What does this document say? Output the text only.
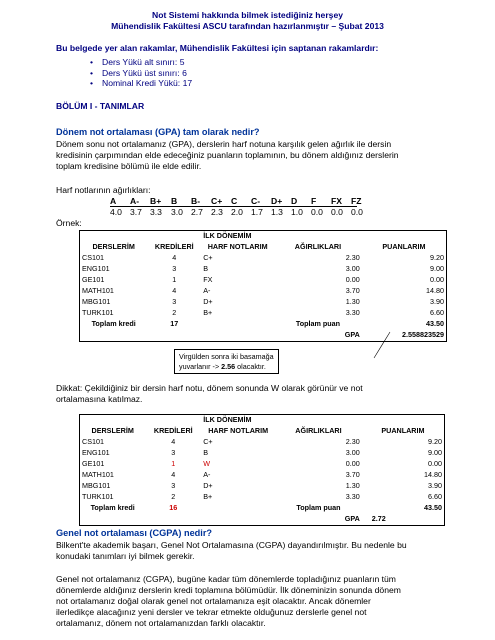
Not Sistemi hakkında bilmek istediğiniz herşey
Mühendislik Fakültesi ASCU tarafından hazırlanmıştır – Şubat 2013
Bu belgede yer alan rakamlar, Mühendislik Fakültesi için saptanan rakamlardır:
• Ders Yükü alt sınırı: 5
• Ders Yükü üst sınırı: 6
• Nominal Kredi Yükü: 17
BÖLÜM I - TANIMLAR
Dönem not ortalaması (GPA) tam olarak nedir?
Dönem sonu not ortalamanız (GPA), derslerin harf notuna karşılık gelen ağırlık ile dersin
kredisinin çarpımından elde edeceğiniz puanların toplamının, bu dönem aldığınız derslerin
toplam kredisine bölümü ile elde edilir.
Harf notlarının ağırlıkları:
A A- B+ B B- C+ C C- D+ D F FX FZ
4.0 3.7 3.3 3.0 2.7 2.3 2.0 1.7 1.3 1.0 0.0 0.0 0.0
Örnek:
		İLK DÖNEMİM		
DERSLERİM	KREDİLERİ	HARF NOTLARIM	AĞIRLIKLARI	PUANLARIM
CS101	4	C+	2.30	9.20
ENG101	3	B	3.00	9.00
GE101	1	FX	0.00	0.00
MATH101	4	A-	3.70	14.80
MBG101	3	D+	1.30	3.90
TURK101	2	B+	3.30	6.60
Toplam kredi	17		Toplam puan	43.50
			GPA	2.558823529
Virgülden sonra iki basamağa
yuvarlanır -> 2.56 olacaktır.
Dikkat: Çekildiğiniz bir dersin harf notu, dönem sonunda W olarak görünür ve not
ortalamasına katılmaz.
		İLK DÖNEMİM		
DERSLERİM	KREDİLERİ	HARF NOTLARIM	AĞIRLIKLARI	PUANLARIM
CS101	4	C+	2.30	9.20
ENG101	3	B	3.00	9.00
GE101	1	W	0.00	0.00
MATH101	4	A-	3.70	14.80
MBG101	3	D+	1.30	3.90
TURK101	2	B+	3.30	6.60
Toplam kredi	16		Toplam puan	43.50
			GPA	2.72
Genel not ortalaması (CGPA) nedir?
Bilkent'te akademik başarı, Genel Not Ortalamasına (CGPA) dayandırılmıştır. Bu nedenle bu
konudaki tanımları iyi bilmek gerekir.
Genel not ortalamanız (CGPA), bugüne kadar tüm dönemlerde topladığınız puanların tüm
dönemlerde aldığınız derslerin kredi toplamına bölümüdür. İlk döneminizin sonunda dönem
not ortalamanız doğal olarak genel not ortalamanıza eşit olacaktır. Ancak dönemler
ilerledikçe alacağınız yeni dersler ve tekrar etmekte olduğunuz derslerle genel not
ortalamanız, dönem not ortalamanızdan farklı olacaktır.
